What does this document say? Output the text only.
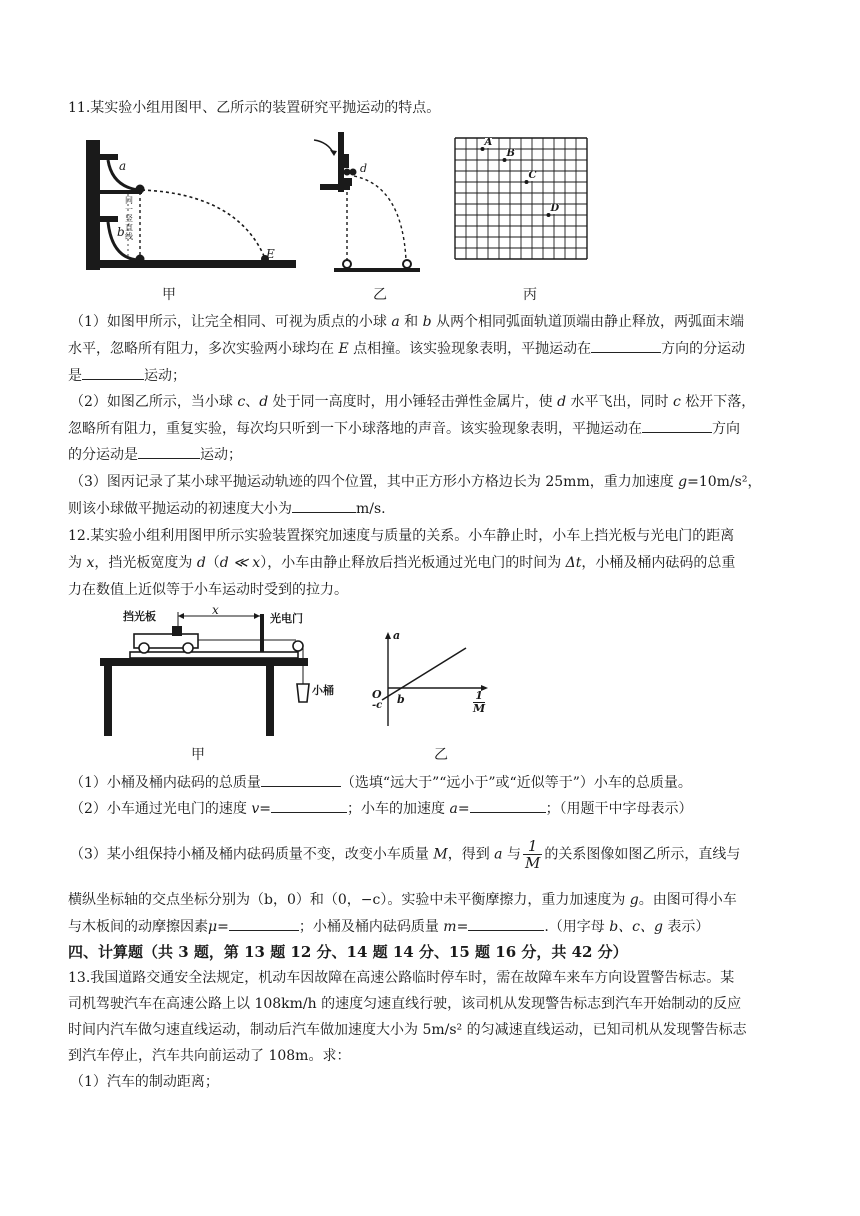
11.某实验小组用图甲、乙所示的装置研究平抛运动的特点。
a
b
E
同
一
竖
直
线
c d
A
B
C
D
甲	乙	丙
（1）如图甲所示，让完全相同、可视为质点的小球 a 和 b 从两个相同弧面轨道顶端由静止释放，两弧面末端
水平，忽略所有阻力，多次实验两小球均在 E 点相撞。该实验现象表明，平抛运动在	方向的分运动
是	运动；
（2）如图乙所示，当小球 c、d 处于同一高度时，用小锤轻击弹性金属片，使 d 水平飞出，同时 c 松开下落，
忽略所有阻力，重复实验，每次均只听到一下小球落地的声音。该实验现象表明，平抛运动在	方向
的分运动是	运动；
（3）图丙记录了某小球平抛运动轨迹的四个位置，其中正方形小方格边长为 25mm，重力加速度 g=10m/s²，
则该小球做平抛运动的初速度大小为	m/s.
12.某实验小组利用图甲所示实验装置探究加速度与质量的关系。小车静止时，小车上挡光板与光电门的距离
为 x，挡光板宽度为 d（d ≪ x），小车由静止释放后挡光板通过光电门的时间为 Δt，小桶及桶内砝码的总重
力在数值上近似等于小车运动时受到的拉力。
挡光板	x
光电门
小桶
a
O
-c b	1
M
甲	乙
（1）小桶及桶内砝码的总质量	（选填“远大于”“远小于”或“近似等于”）小车的总质量。
（2）小车通过光电门的速度 v=	；小车的加速度 a=	；（用题干中字母表示）
（3）某小组保持小桶及桶内砝码质量不变，改变小车质量 M，得到 a 与 $\frac{1}{M}$ 的关系图像如图乙所示，直线与
横纵坐标轴的交点坐标分别为（b，0）和（0，−c）。实验中未平衡摩擦力，重力加速度为 g。由图可得小车
与木板间的动摩擦因素μ=	；小桶及桶内砝码质量 m=	.（用字母 b、c、g 表示）
四、计算题（共 3 题，第 13 题 12 分、14 题 14 分、15 题 16 分，共 42 分）
13.我国道路交通安全法规定，机动车因故障在高速公路临时停车时，需在故障车来车方向设置警告标志。某
司机驾驶汽车在高速公路上以 108km/h 的速度匀速直线行驶，该司机从发现警告标志到汽车开始制动的反应
时间内汽车做匀速直线运动，制动后汽车做加速度大小为 5m/s² 的匀减速直线运动，已知司机从发现警告标志
到汽车停止，汽车共向前运动了 108m。求：
（1）汽车的制动距离；
